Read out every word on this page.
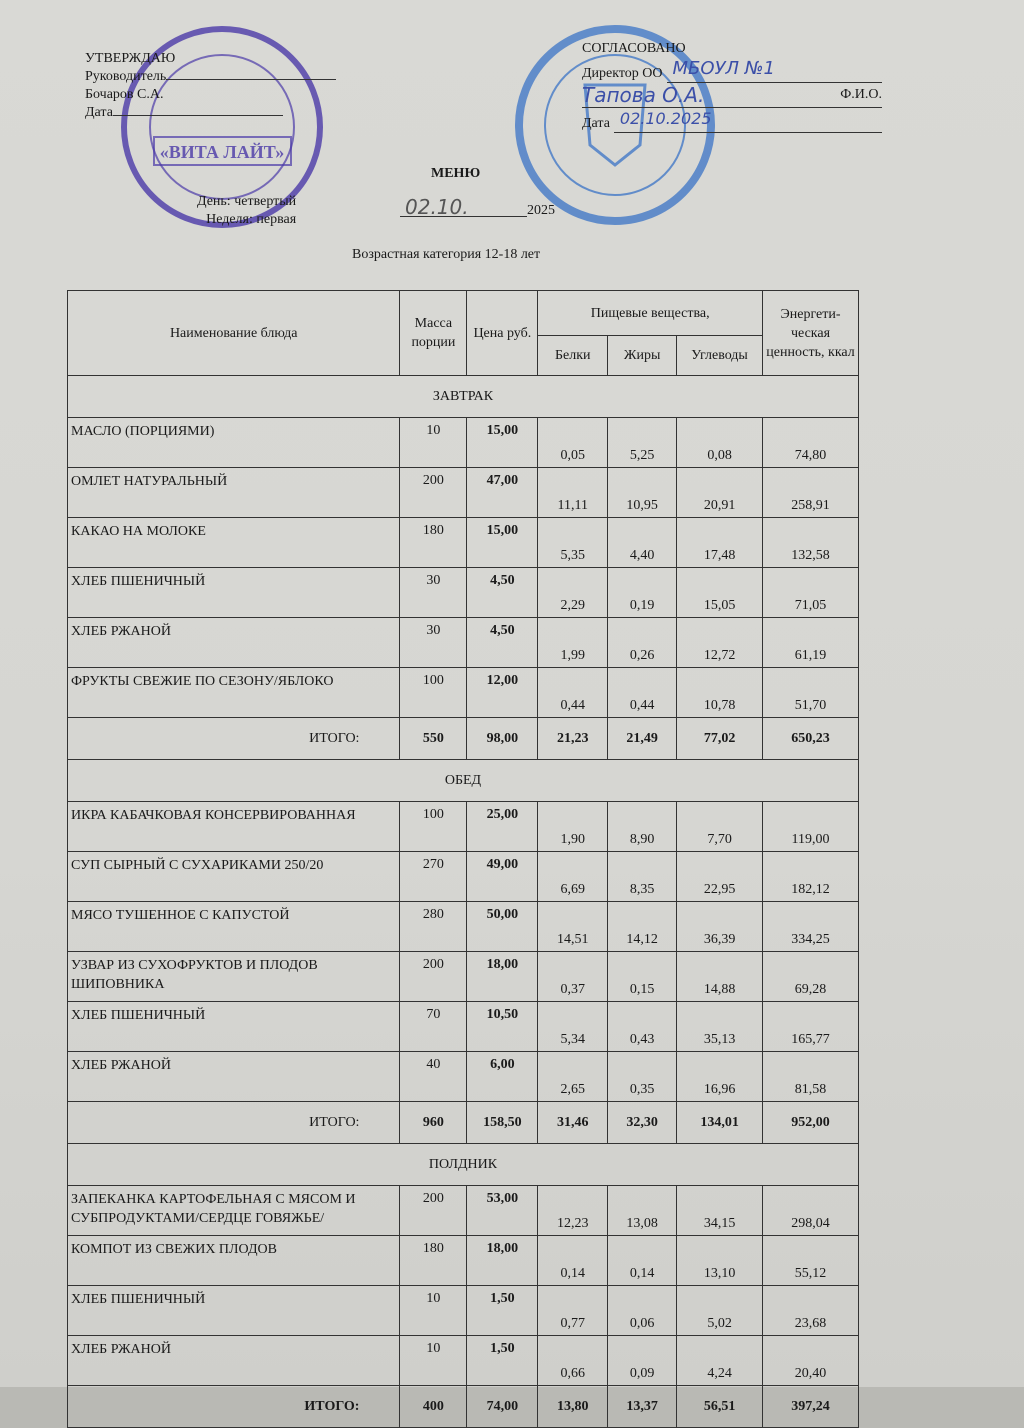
«ВИТА ЛАЙТ»
УТВЕРЖДАЮ
Руководитель
Бочаров С.А.
Дата
День: четвертый
Неделя: первая
СОГЛАСОВАНО
Директор ОО МБОУЛ №1
Тапова О.А.	Ф.И.О.
Дата 02.10.2025
МЕНЮ
02.10.	2025
Возрастная категория 12-18 лет
Наименование блюда	Масса порции	Цена руб.	Пищевые вещества,			Энергети-ческая ценность, ккал
			Белки	Жиры	Углеводы	
ЗАВТРАК						
МАСЛО (ПОРЦИЯМИ)	10	15,00	0,05	5,25	0,08	74,80
ОМЛЕТ НАТУРАЛЬНЫЙ	200	47,00	11,11	10,95	20,91	258,91
КАКАО НА МОЛОКЕ	180	15,00	5,35	4,40	17,48	132,58
ХЛЕБ ПШЕНИЧНЫЙ	30	4,50	2,29	0,19	15,05	71,05
ХЛЕБ РЖАНОЙ	30	4,50	1,99	0,26	12,72	61,19
ФРУКТЫ СВЕЖИЕ ПО СЕЗОНУ/ЯБЛОКО	100	12,00	0,44	0,44	10,78	51,70
ИТОГО:	550	98,00	21,23	21,49	77,02	650,23
ОБЕД						
ИКРА КАБАЧКОВАЯ КОНСЕРВИРОВАННАЯ	100	25,00	1,90	8,90	7,70	119,00
СУП СЫРНЫЙ С СУХАРИКАМИ 250/20	270	49,00	6,69	8,35	22,95	182,12
МЯСО ТУШЕННОЕ С КАПУСТОЙ	280	50,00	14,51	14,12	36,39	334,25
УЗВАР ИЗ СУХОФРУКТОВ И ПЛОДОВ ШИПОВНИКА	200	18,00	0,37	0,15	14,88	69,28
ХЛЕБ ПШЕНИЧНЫЙ	70	10,50	5,34	0,43	35,13	165,77
ХЛЕБ РЖАНОЙ	40	6,00	2,65	0,35	16,96	81,58
ИТОГО:	960	158,50	31,46	32,30	134,01	952,00
ПОЛДНИК						
ЗАПЕКАНКА КАРТОФЕЛЬНАЯ С МЯСОМ И СУБПРОДУКТАМИ/СЕРДЦЕ ГОВЯЖЬЕ/	200	53,00	12,23	13,08	34,15	298,04
КОМПОТ ИЗ СВЕЖИХ ПЛОДОВ	180	18,00	0,14	0,14	13,10	55,12
ХЛЕБ ПШЕНИЧНЫЙ	10	1,50	0,77	0,06	5,02	23,68
ХЛЕБ РЖАНОЙ	10	1,50	0,66	0,09	4,24	20,40
ИТОГО:	400	74,00	13,80	13,37	56,51	397,24
